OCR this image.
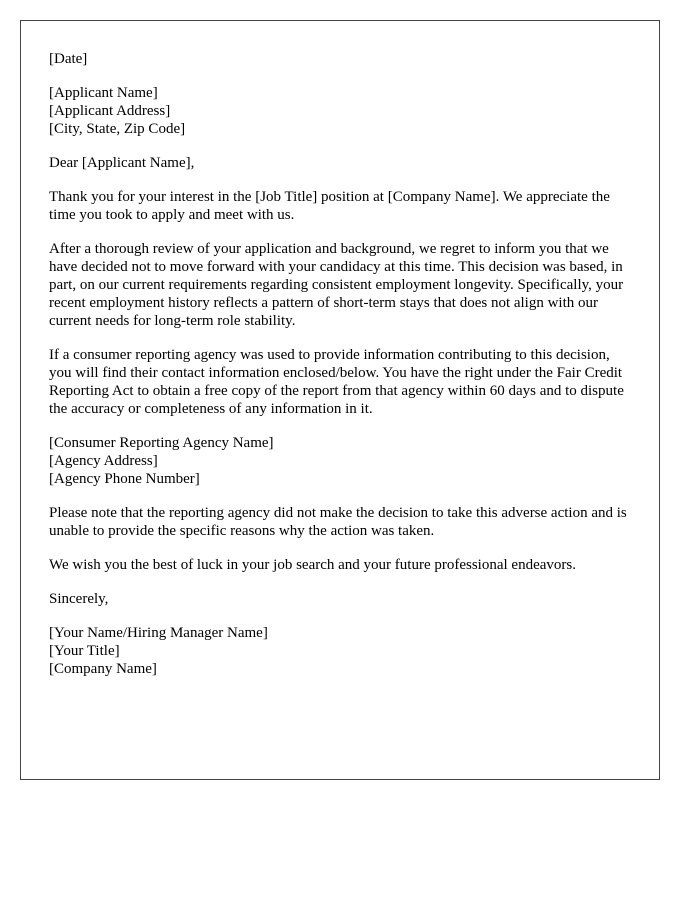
[Date]

[Applicant Name]
[Applicant Address]
[City, State, Zip Code]

Dear [Applicant Name],

Thank you for your interest in the [Job Title] position at [Company Name]. We appreciate the time you took to apply and meet with us.

After a thorough review of your application and background, we regret to inform you that we have decided not to move forward with your candidacy at this time. This decision was based, in part, on our current requirements regarding consistent employment longevity. Specifically, your recent employment history reflects a pattern of short-term stays that does not align with our current needs for long-term role stability.

If a consumer reporting agency was used to provide information contributing to this decision, you will find their contact information enclosed/below. You have the right under the Fair Credit Reporting Act to obtain a free copy of the report from that agency within 60 days and to dispute the accuracy or completeness of any information in it.

[Consumer Reporting Agency Name]
[Agency Address]
[Agency Phone Number]

Please note that the reporting agency did not make the decision to take this adverse action and is unable to provide the specific reasons why the action was taken.

We wish you the best of luck in your job search and your future professional endeavors.

Sincerely,

[Your Name/Hiring Manager Name]
[Your Title]
[Company Name]
